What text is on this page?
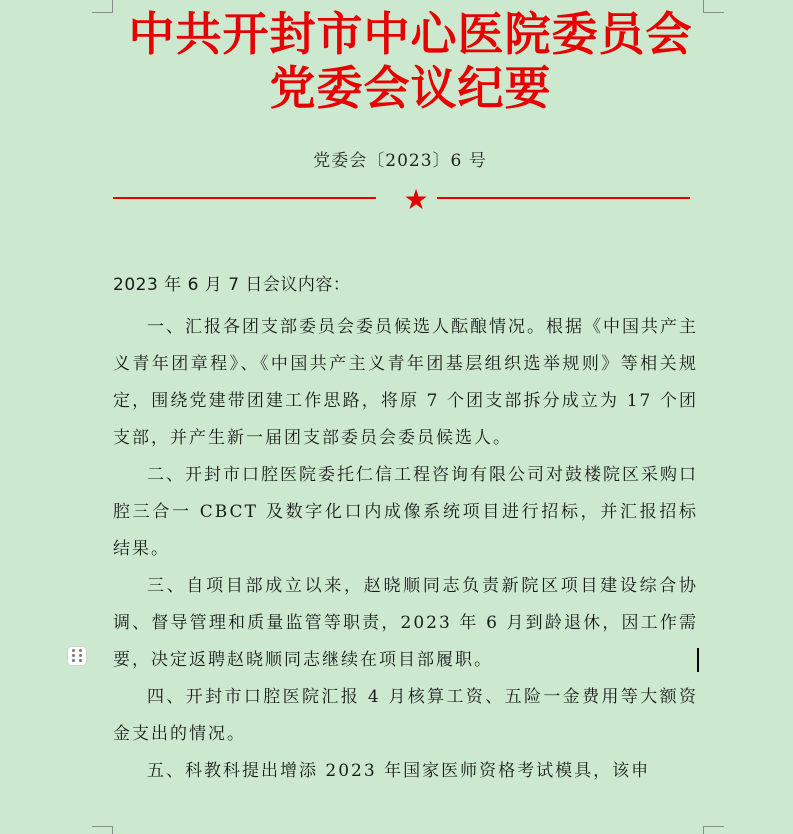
中共开封市中心医院委员会
党委会议纪要
党委会〔2023〕6 号
★
2023 年 6 月 7 日会议内容：

一、汇报各团支部委员会委员候选人酝酿情况。根据《中国共产主义青年团章程》、《中国共产主义青年团基层组织选举规则》等相关规定，围绕党建带团建工作思路，将原 7 个团支部拆分成立为 17 个团支部，并产生新一届团支部委员会委员候选人。

二、开封市口腔医院委托仁信工程咨询有限公司对鼓楼院区采购口腔三合一 CBCT 及数字化口内成像系统项目进行招标，并汇报招标结果。

三、自项目部成立以来，赵晓顺同志负责新院区项目建设综合协调、督导管理和质量监管等职责，2023 年 6 月到龄退休，因工作需要，决定返聘赵晓顺同志继续在项目部履职。

四、开封市口腔医院汇报 4 月核算工资、五险一金费用等大额资金支出的情况。

五、科教科提出增添 2023 年国家医师资格考试模具，该申
